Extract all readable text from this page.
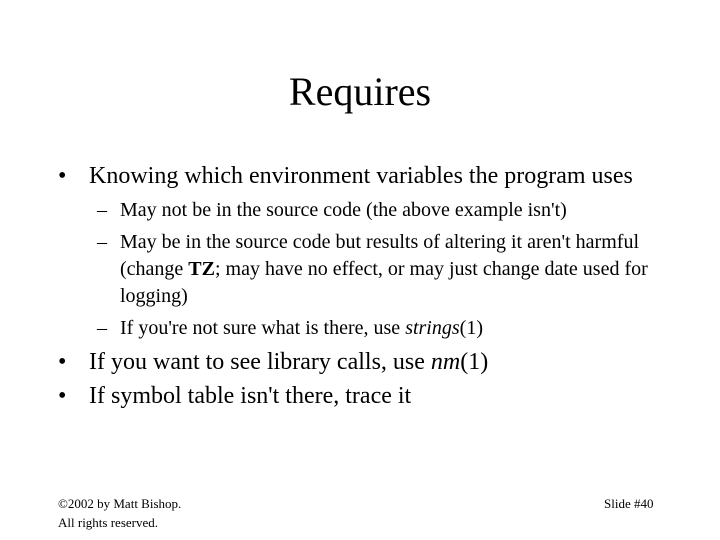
Requires
• Knowing which environment variables the program uses
– May not be in the source code (the above example isn't)
– May be in the source code but results of altering it aren't harmful (change TZ; may have no effect, or may just change date used for logging)
– If you're not sure what is there, use strings(1)
• If you want to see library calls, use nm(1)
• If symbol table isn't there, trace it
©2002 by Matt Bishop.
All rights reserved.
Slide #40
